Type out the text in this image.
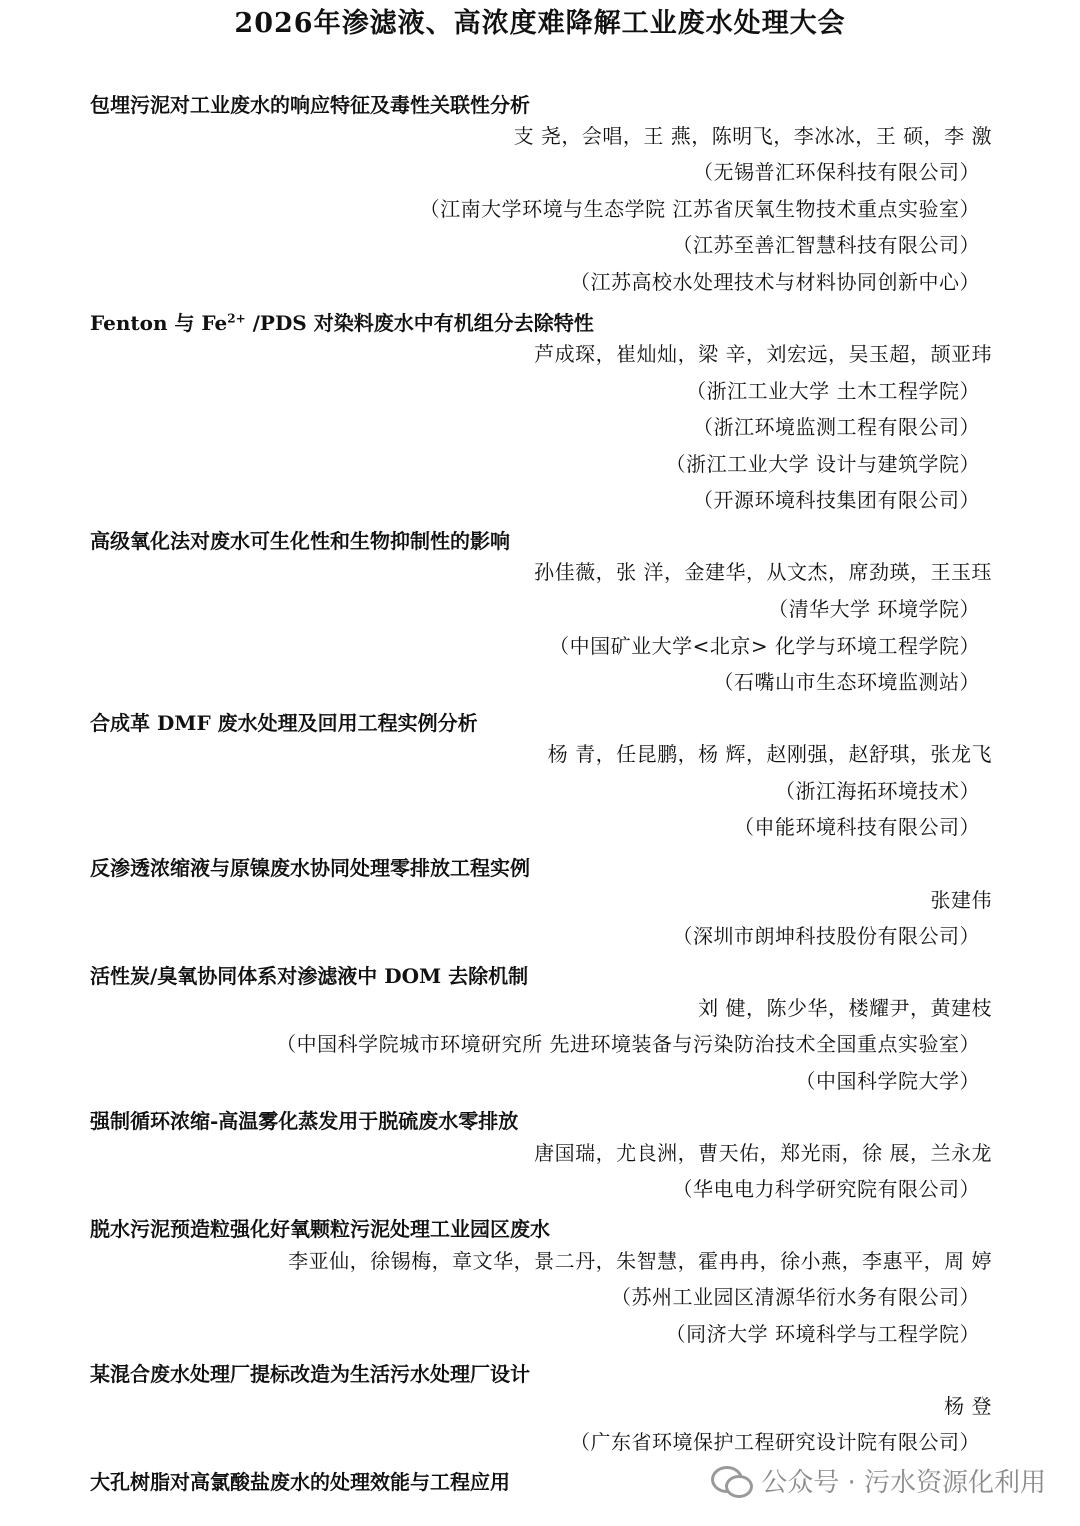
2026年渗滤液、高浓度难降解工业废水处理大会
包埋污泥对工业废水的响应特征及毒性关联性分析
支 尧，会唱，王 燕，陈明飞，李冰冰，王 硕，李 激
（无锡普汇环保科技有限公司）
（江南大学环境与生态学院 江苏省厌氧生物技术重点实验室）
（江苏至善汇智慧科技有限公司）
（江苏高校水处理技术与材料协同创新中心）
Fenton 与 $Fe^{2+}$ /PDS 对染料废水中有机组分去除特性
芦成琛，崔灿灿，梁 辛，刘宏远，吴玉超，颉亚玮
（浙江工业大学 土木工程学院）
（浙江环境监测工程有限公司）
（浙江工业大学 设计与建筑学院）
（开源环境科技集团有限公司）
高级氧化法对废水可生化性和生物抑制性的影响
孙佳薇，张 洋，金建华，从文杰，席劲瑛，王玉珏
（清华大学 环境学院）
（中国矿业大学<北京> 化学与环境工程学院）
（石嘴山市生态环境监测站）
合成革 DMF 废水处理及回用工程实例分析
杨 青，任昆鹏，杨 辉，赵刚强，赵舒琪，张龙飞
（浙江海拓环境技术）
（申能环境科技有限公司）
反渗透浓缩液与原镍废水协同处理零排放工程实例
张建伟
（深圳市朗坤科技股份有限公司）
活性炭/臭氧协同体系对渗滤液中 DOM 去除机制
刘 健，陈少华，楼耀尹，黄建枝
（中国科学院城市环境研究所 先进环境装备与污染防治技术全国重点实验室）
（中国科学院大学）
强制循环浓缩-高温雾化蒸发用于脱硫废水零排放
唐国瑞，尤良洲，曹天佑，郑光雨，徐 展，兰永龙
（华电电力科学研究院有限公司）
脱水污泥预造粒强化好氧颗粒污泥处理工业园区废水
李亚仙，徐锡梅，章文华，景二丹，朱智慧，霍冉冉，徐小燕，李惠平，周 婷
（苏州工业园区清源华衍水务有限公司）
（同济大学 环境科学与工程学院）
某混合废水处理厂提标改造为生活污水处理厂设计
杨 登
（广东省环境保护工程研究设计院有限公司）
大孔树脂对高氯酸盐废水的处理效能与工程应用	公众号 · 污水资源化利用
